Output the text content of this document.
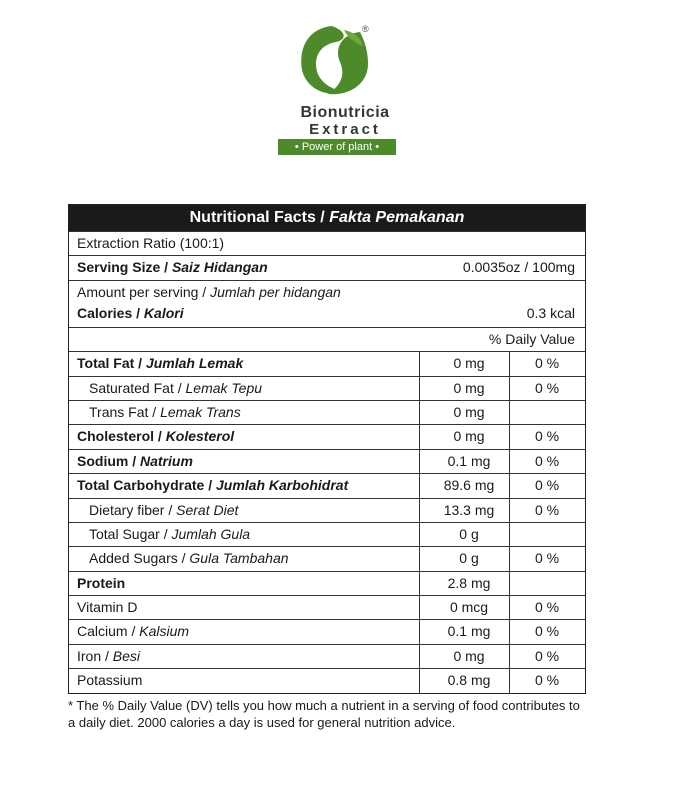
®
Bionutricia
Extract
• Power of plant •
Nutritional Facts / Fakta Pemakanan
Extraction Ratio (100:1)
Serving Size / Saiz Hidangan	0.0035oz / 100mg
Amount per serving / Jumlah per hidangan
Calories / Kalori	0.3 kcal
% Daily Value
Total Fat / Jumlah Lemak	0 mg	0 %
Saturated Fat / Lemak Tepu	0 mg	0 %
Trans Fat / Lemak Trans	0 mg
Cholesterol / Kolesterol	0 mg	0 %
Sodium / Natrium	0.1 mg	0 %
Total Carbohydrate / Jumlah Karbohidrat	89.6 mg	0 %
Dietary fiber / Serat Diet	13.3 mg	0 %
Total Sugar / Jumlah Gula	0 g
Added Sugars / Gula Tambahan	0 g	0 %
Protein	2.8 mg
Vitamin D	0 mcg	0 %
Calcium / Kalsium	0.1 mg	0 %
Iron / Besi	0 mg	0 %
Potassium	0.8 mg	0 %
* The % Daily Value (DV) tells you how much a nutrient in a serving of food contributes to a daily diet. 2000 calories a day is used for general nutrition advice.
